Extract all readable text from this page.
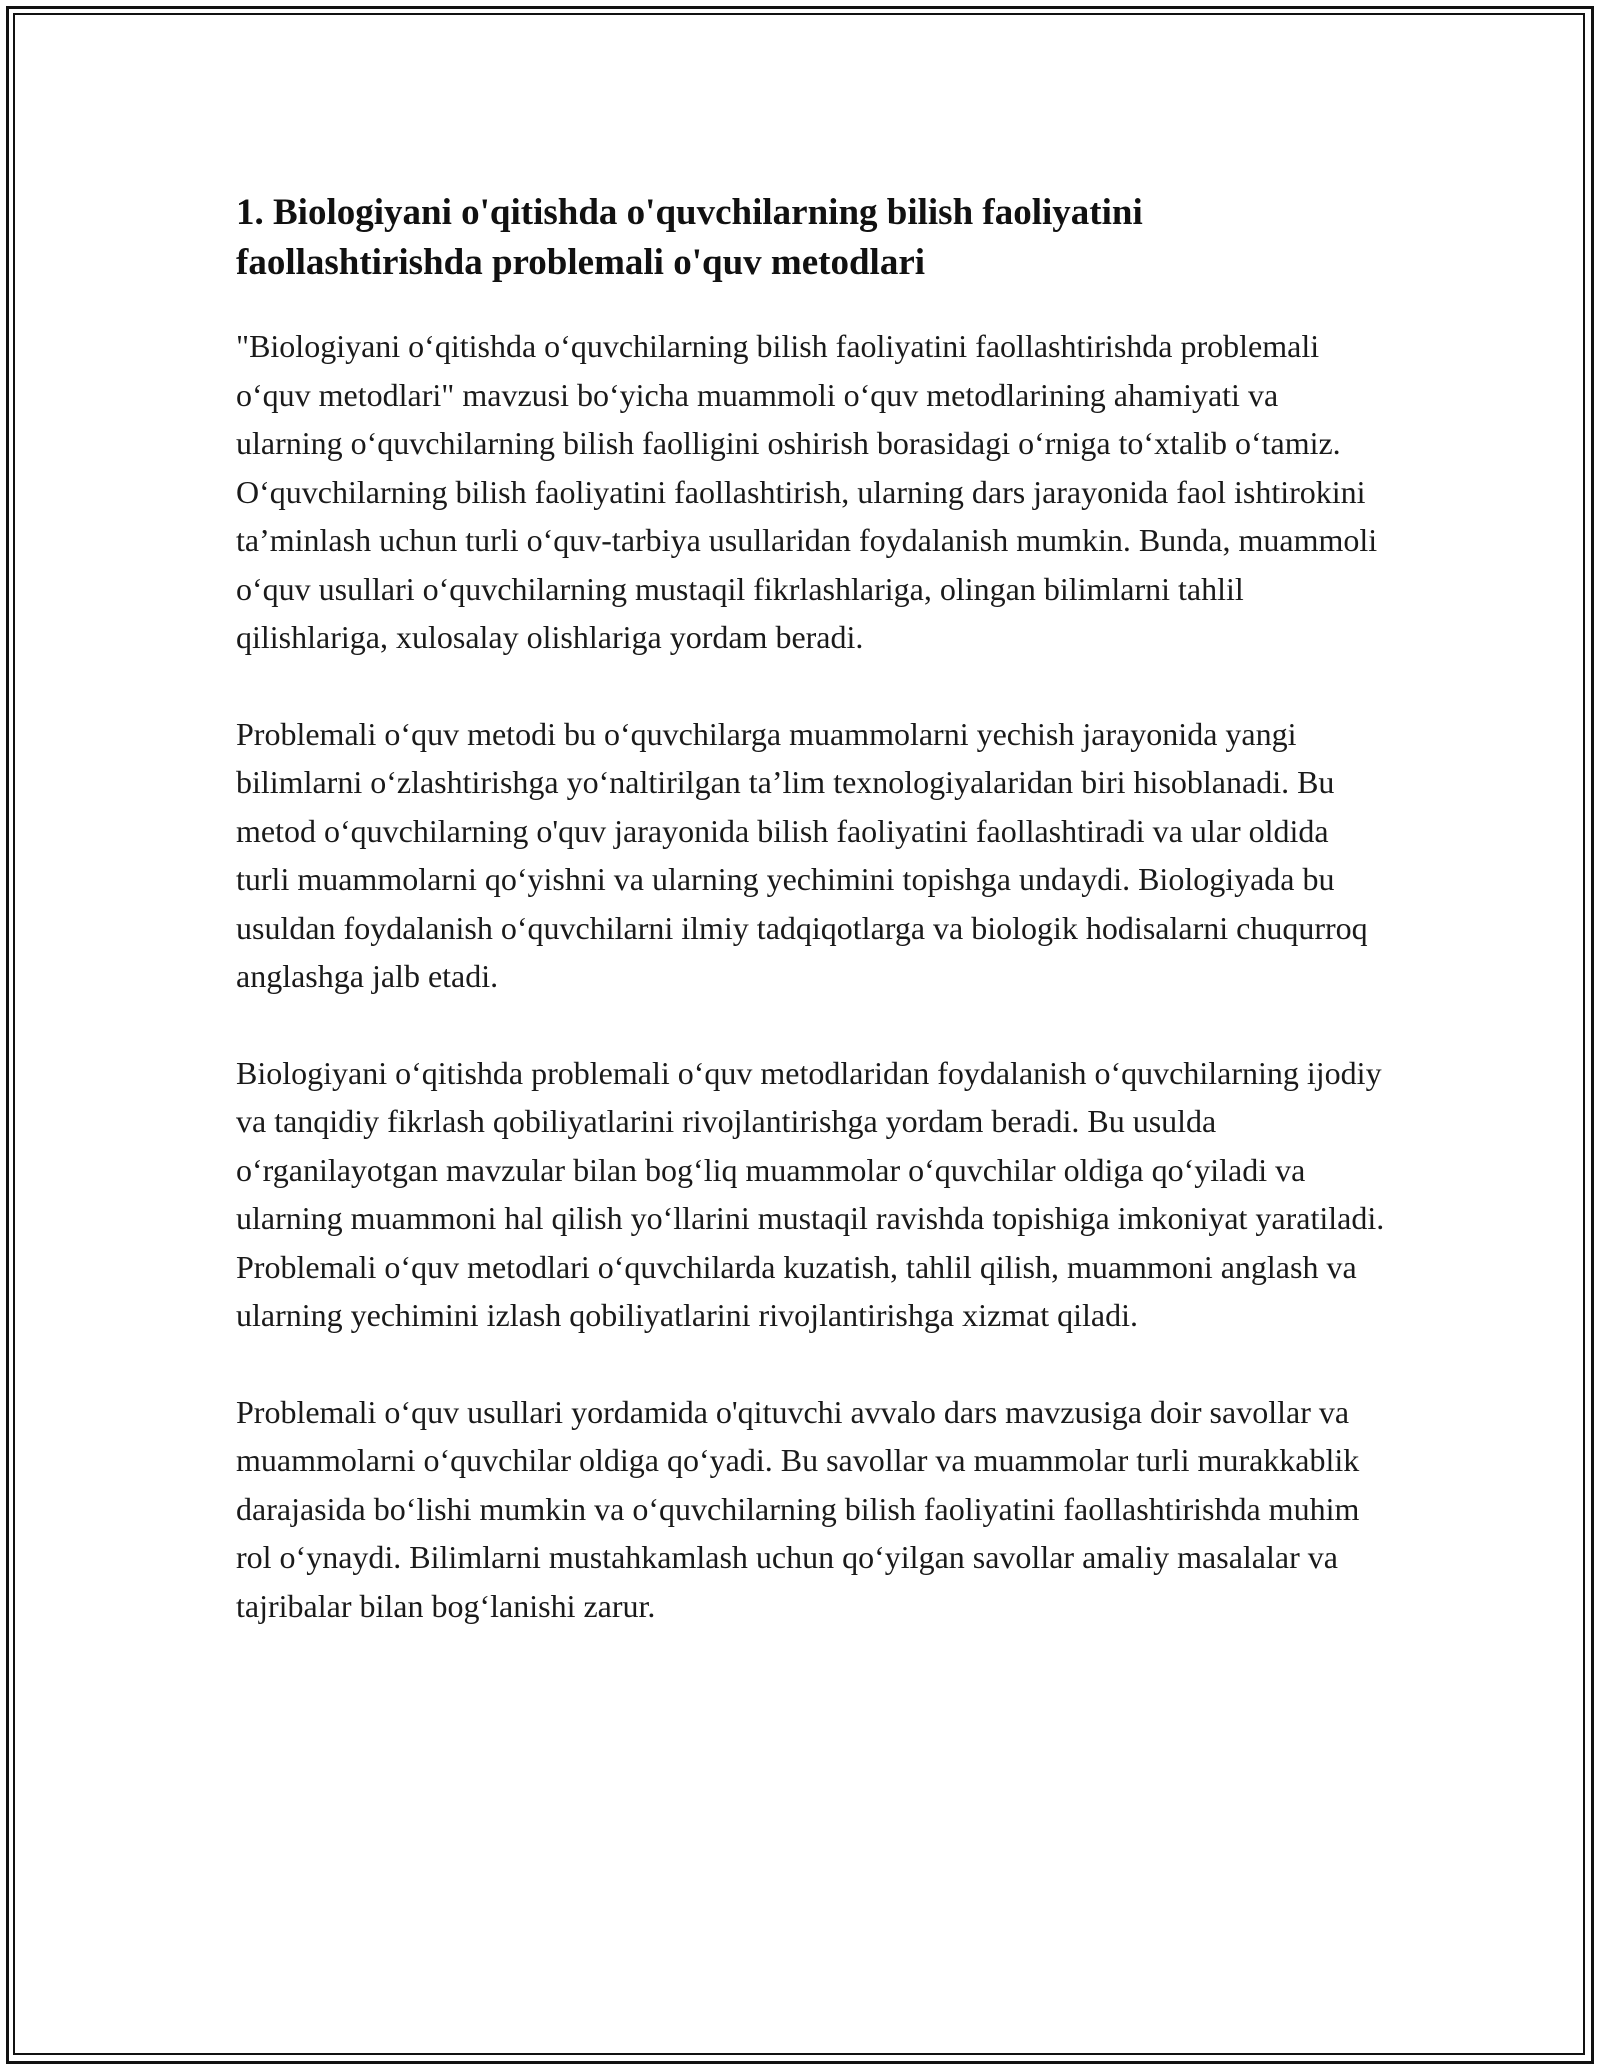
1. Biologiyani o'qitishda o'quvchilarning bilish faoliyatini faollashtirishda problemali o'quv metodlari

"Biologiyani o‘qitishda o‘quvchilarning bilish faoliyatini faollashtirishda problemali o‘quv metodlari" mavzusi bo‘yicha muammoli o‘quv metodlarining ahamiyati va ularning o‘quvchilarning bilish faolligini oshirish borasidagi o‘rniga to‘xtalib o‘tamiz. O‘quvchilarning bilish faoliyatini faollashtirish, ularning dars jarayonida faol ishtirokini ta’minlash uchun turli o‘quv-tarbiya usullaridan foydalanish mumkin. Bunda, muammoli o‘quv usullari o‘quvchilarning mustaqil fikrlashlariga, olingan bilimlarni tahlil qilishlariga, xulosalay olishlariga yordam beradi.

Problemali o‘quv metodi bu o‘quvchilarga muammolarni yechish jarayonida yangi bilimlarni o‘zlashtirishga yo‘naltirilgan ta’lim texnologiyalaridan biri hisoblanadi. Bu metod o‘quvchilarning o'quv jarayonida bilish faoliyatini faollashtiradi va ular oldida turli muammolarni qo‘yishni va ularning yechimini topishga undaydi. Biologiyada bu usuldan foydalanish o‘quvchilarni ilmiy tadqiqotlarga va biologik hodisalarni chuqurroq anglashga jalb etadi.

Biologiyani o‘qitishda problemali o‘quv metodlaridan foydalanish o‘quvchilarning ijodiy va tanqidiy fikrlash qobiliyatlarini rivojlantirishga yordam beradi. Bu usulda o‘rganilayotgan mavzular bilan bog‘liq muammolar o‘quvchilar oldiga qo‘yiladi va ularning muammoni hal qilish yo‘llarini mustaqil ravishda topishiga imkoniyat yaratiladi. Problemali o‘quv metodlari o‘quvchilarda kuzatish, tahlil qilish, muammoni anglash va ularning yechimini izlash qobiliyatlarini rivojlantirishga xizmat qiladi.

Problemali o‘quv usullari yordamida o'qituvchi avvalo dars mavzusiga doir savollar va muammolarni o‘quvchilar oldiga qo‘yadi. Bu savollar va muammolar turli murakkablik darajasida bo‘lishi mumkin va o‘quvchilarning bilish faoliyatini faollashtirishda muhim rol o‘ynaydi. Bilimlarni mustahkamlash uchun qo‘yilgan savollar amaliy masalalar va tajribalar bilan bog‘lanishi zarur.
